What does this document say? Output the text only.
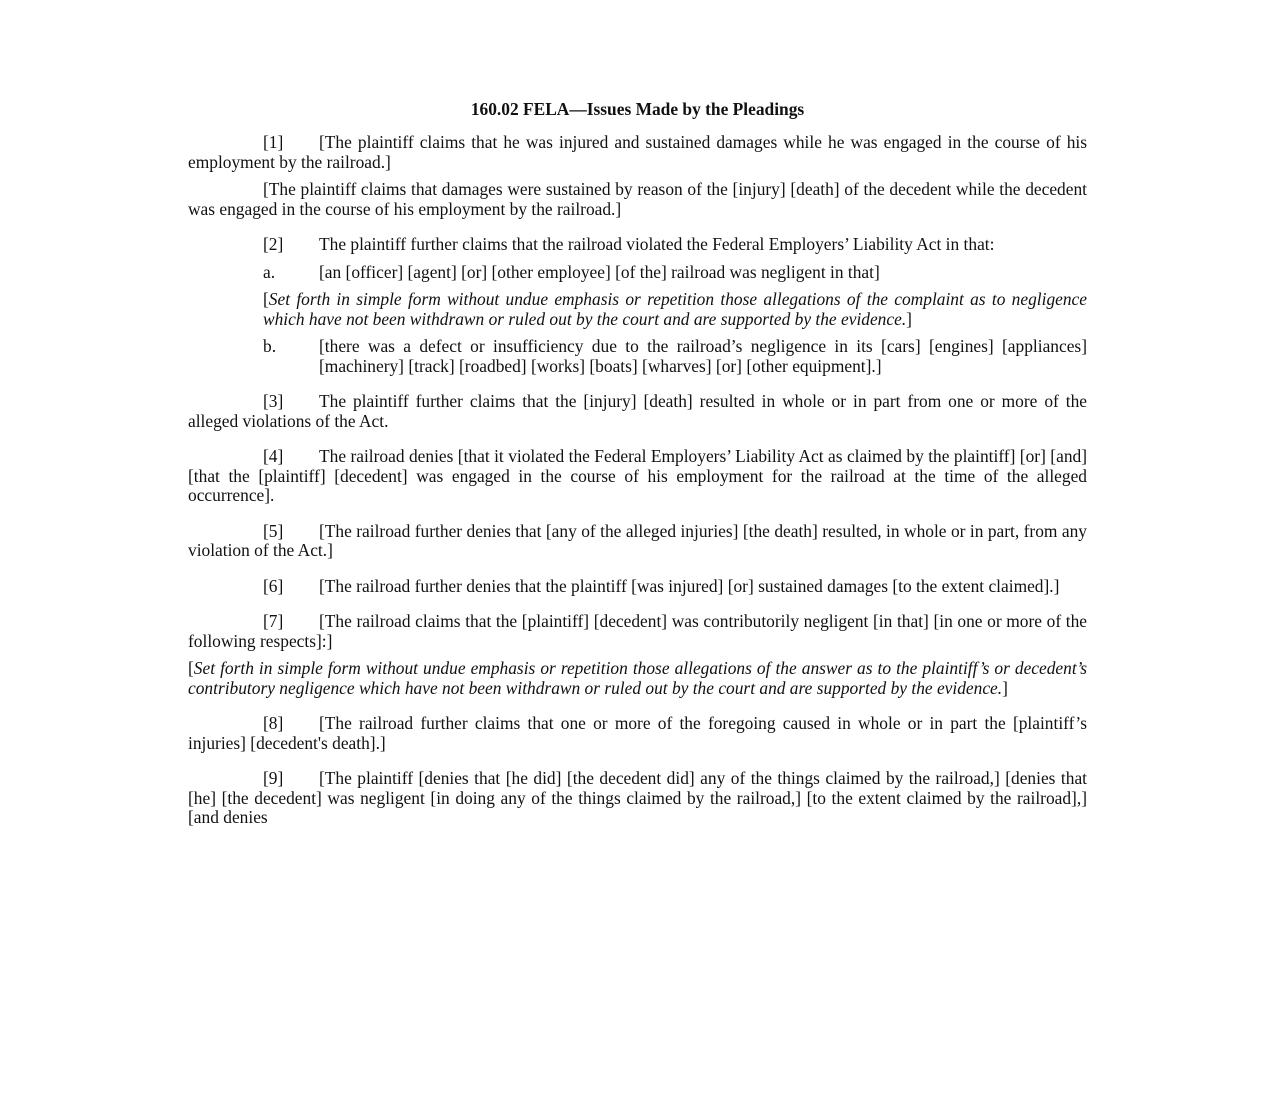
160.02 FELA—Issues Made by the Pleadings

[1] [The plaintiff claims that he was injured and sustained damages while he was engaged in the course of his employment by the railroad.]

[The plaintiff claims that damages were sustained by reason of the [injury] [death] of the decedent while the decedent was engaged in the course of his employment by the railroad.]

[2] The plaintiff further claims that the railroad violated the Federal Employers’ Liability Act in that:

a.	[an [officer] [agent] [or] [other employee] [of the] railroad was negligent in that]
[Set forth in simple form without undue emphasis or repetition those allegations of the complaint as to negligence which have not been withdrawn or ruled out by the court and are supported by the evidence.]
b. [there was a defect or insufficiency due to the railroad’s negligence in its [cars] [engines] [appliances] [machinery] [track] [roadbed] [works] [boats] [wharves] [or] [other equipment].]

[3] The plaintiff further claims that the [injury] [death] resulted in whole or in part from one or more of the alleged violations of the Act.

[4] The railroad denies [that it violated the Federal Employers’ Liability Act as claimed by the plaintiff] [or] [and] [that the [plaintiff] [decedent] was engaged in the course of his employment for the railroad at the time of the alleged occurrence].

[5] [The railroad further denies that [any of the alleged injuries] [the death] resulted, in whole or in part, from any violation of the Act.]

[6] [The railroad further denies that the plaintiff [was injured] [or] sustained damages [to the extent claimed].]

[7] [The railroad claims that the [plaintiff] [decedent] was contributorily negligent [in that] [in one or more of the following respects]:]

[Set forth in simple form without undue emphasis or repetition those allegations of the answer as to the plaintiff’s or decedent’s contributory negligence which have not been withdrawn or ruled out by the court and are supported by the evidence.]

[8] [The railroad further claims that one or more of the foregoing caused in whole or in part the [plaintiff’s injuries] [decedent's death].]

[9] [The plaintiff [denies that [he did] [the decedent did] any of the things claimed by the railroad,] [denies that [he] [the decedent] was negligent [in doing any of the things claimed by the railroad,] [to the extent claimed by the railroad],] [and denies
